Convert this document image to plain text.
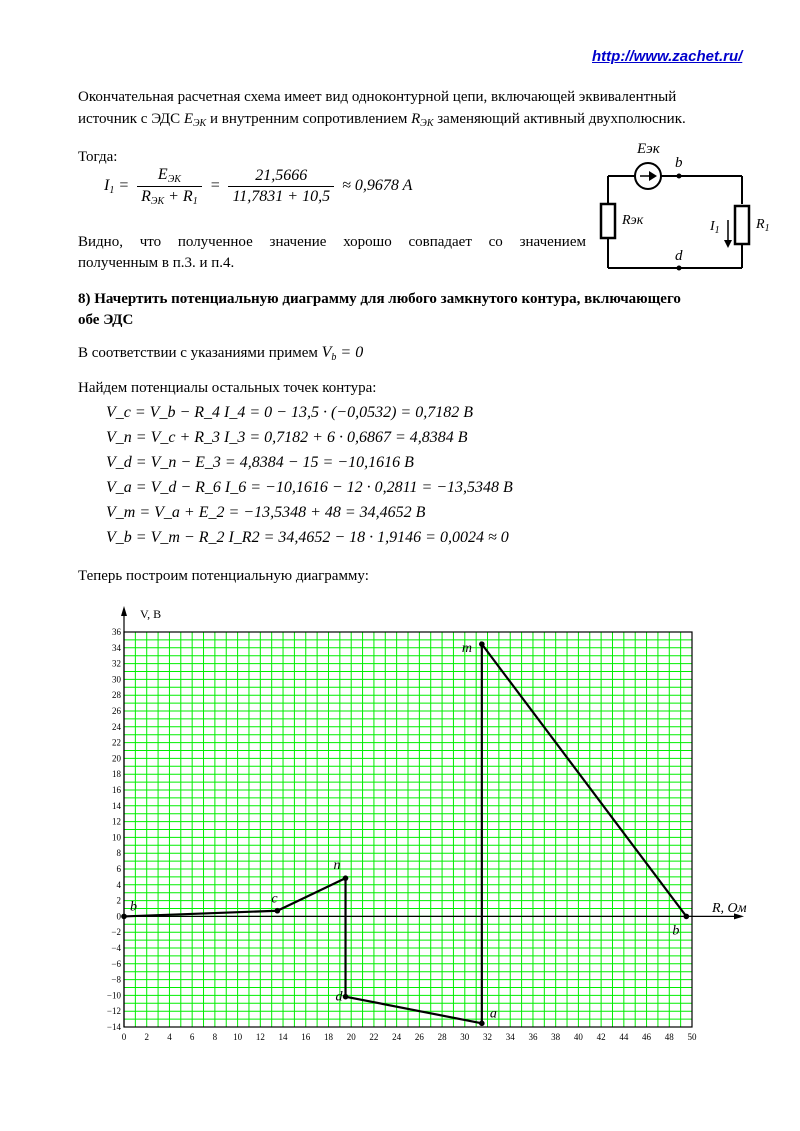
http://www.zachet.ru/
Окончательная расчетная схема имеет вид одноконтурной цепи, включающей эквивалентный
источник с ЭДС $E_{ЭК}$ и внутренним сопротивлением $R_{ЭК}$ заменяющий активный двухполюсник.
Тогда:
$I_1 = \frac{E_{ЭК}}{R_{ЭК} + R_1} = \frac{21,5666}{11,7831 + 10,5} \approx 0,9678$ A
Видно, что полученное значение хорошо совпадает со значением
полученным в п.3. и п.4.
Eэк
b
d
Rэк	$R_1$
$I_1$
8) Начертить потенциальную диаграмму для любого замкнутого контура, включающего
обе ЭДС
В соответствии с указаниями примем $V_b = 0$
Найдем потенциалы остальных точек контура:
V_c = V_b − R_4 I_4 = 0 − 13,5 · (−0,0532) = 0,7182 B
V_n = V_c + R_3 I_3 = 0,7182 + 6 · 0,6867 = 4,8384 B
V_d = V_n − E_3 = 4,8384 − 15 = −10,1616 B
V_a = V_d − R_6 I_6 = −10,1616 − 12 · 0,2811 = −13,5348 B
V_m = V_a + E_2 = −13,5348 + 48 = 34,4652 B
V_b = V_m − R_2 I_R2 = 34,4652 − 18 · 1,9146 = 0,0024 ≈ 0
Теперь построим потенциальную диаграмму:
0 2 4 6 8 10 12 14 16 18 20 22 24 26 28 30 32 34 36 38 40 42 44 46 48 50
36
34
32
30
28
26
24
22
20
18
16
14
12
10
8
6
4
2
0
−2
−4
−6
−8
−10
−12
−14
V, B
R, Ом
b
c
n
d
a
m
b
